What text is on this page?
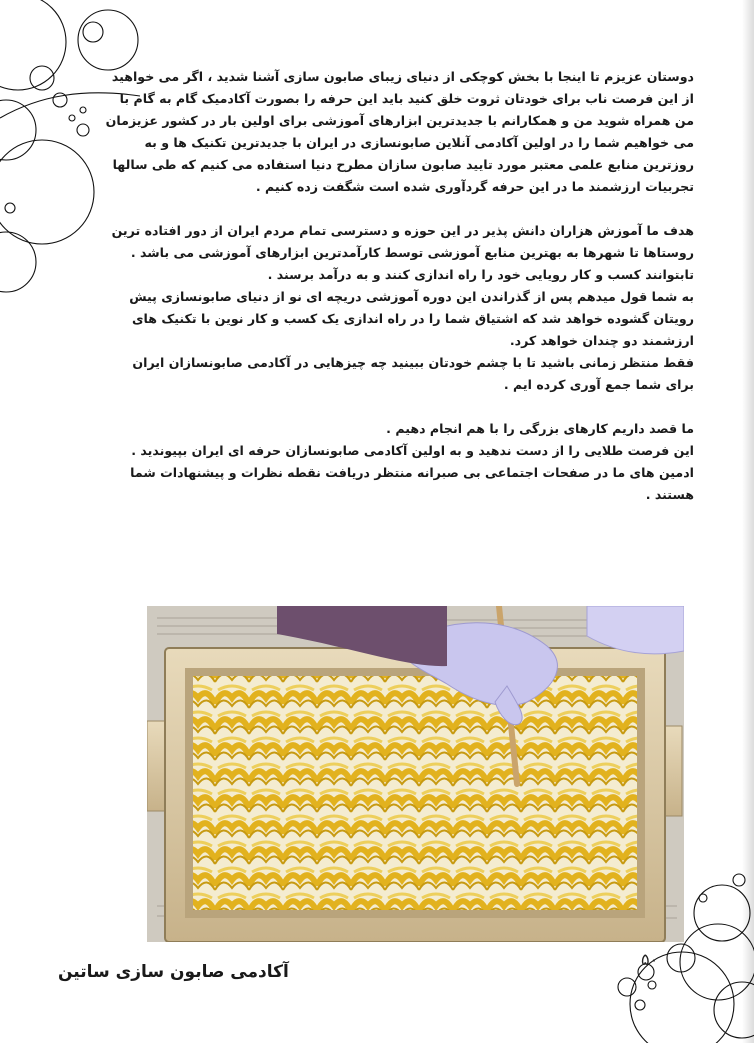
دوستان عزیزم تا اینجا با بخش کوچکی از دنیای زیبای صابون سازی آشنا شدید ، اگر می خواهید از این فرصت ناب برای خودتان ثروت خلق کنید باید این حرفه را بصورت آکادمیک گام به گام با من همراه شوید من و همکارانم با جدیدترین ابزارهای آموزشی برای اولین بار در کشور عزیزمان می خواهیم شما را در اولین آکادمی آنلاین صابونسازی در ایران با جدیدترین تکنیک ها و به روزترین منابع علمی معتبر مورد تایید صابون سازان مطرح دنیا استفاده می کنیم که طی سالها تجربیات ارزشمند ما در این حرفه گردآوری شده است شگفت زده کنیم .

هدف ما آموزش هزاران دانش پذیر در این حوزه و دسترسی تمام مردم ایران از دور افتاده ترین روستاها تا شهرها به بهترین منابع آموزشی توسط کارآمدترین ابزارهای آموزشی می باشد . تابتوانند کسب و کار رویایی خود را راه اندازی کنند و به درآمد برسند .

به شما قول میدهم پس از گذراندن این دوره آموزشی دریچه ای نو از دنیای صابونسازی پیش رویتان گشوده خواهد شد که اشتیاق شما را در راه اندازی یک کسب و کار نوین با تکنیک های ارزشمند دو چندان خواهد کرد.

فقط منتظر زمانی باشید تا با چشم خودتان ببینید چه چیزهایی در آکادمی صابونسازان ایران برای شما جمع آوری کرده ایم .

ما قصد داریم کارهای بزرگی را با هم انجام دهیم .

این فرصت طلایی را از دست ندهید و به اولین آکادمی صابونسازان حرفه ای ایران بپیوندید .

ادمین های ما در صفحات اجتماعی بی صبرانه منتظر دریافت نقطه نظرات و پیشنهادات شما هستند .

آکادمی صابون سازی ساتین
۵۰
